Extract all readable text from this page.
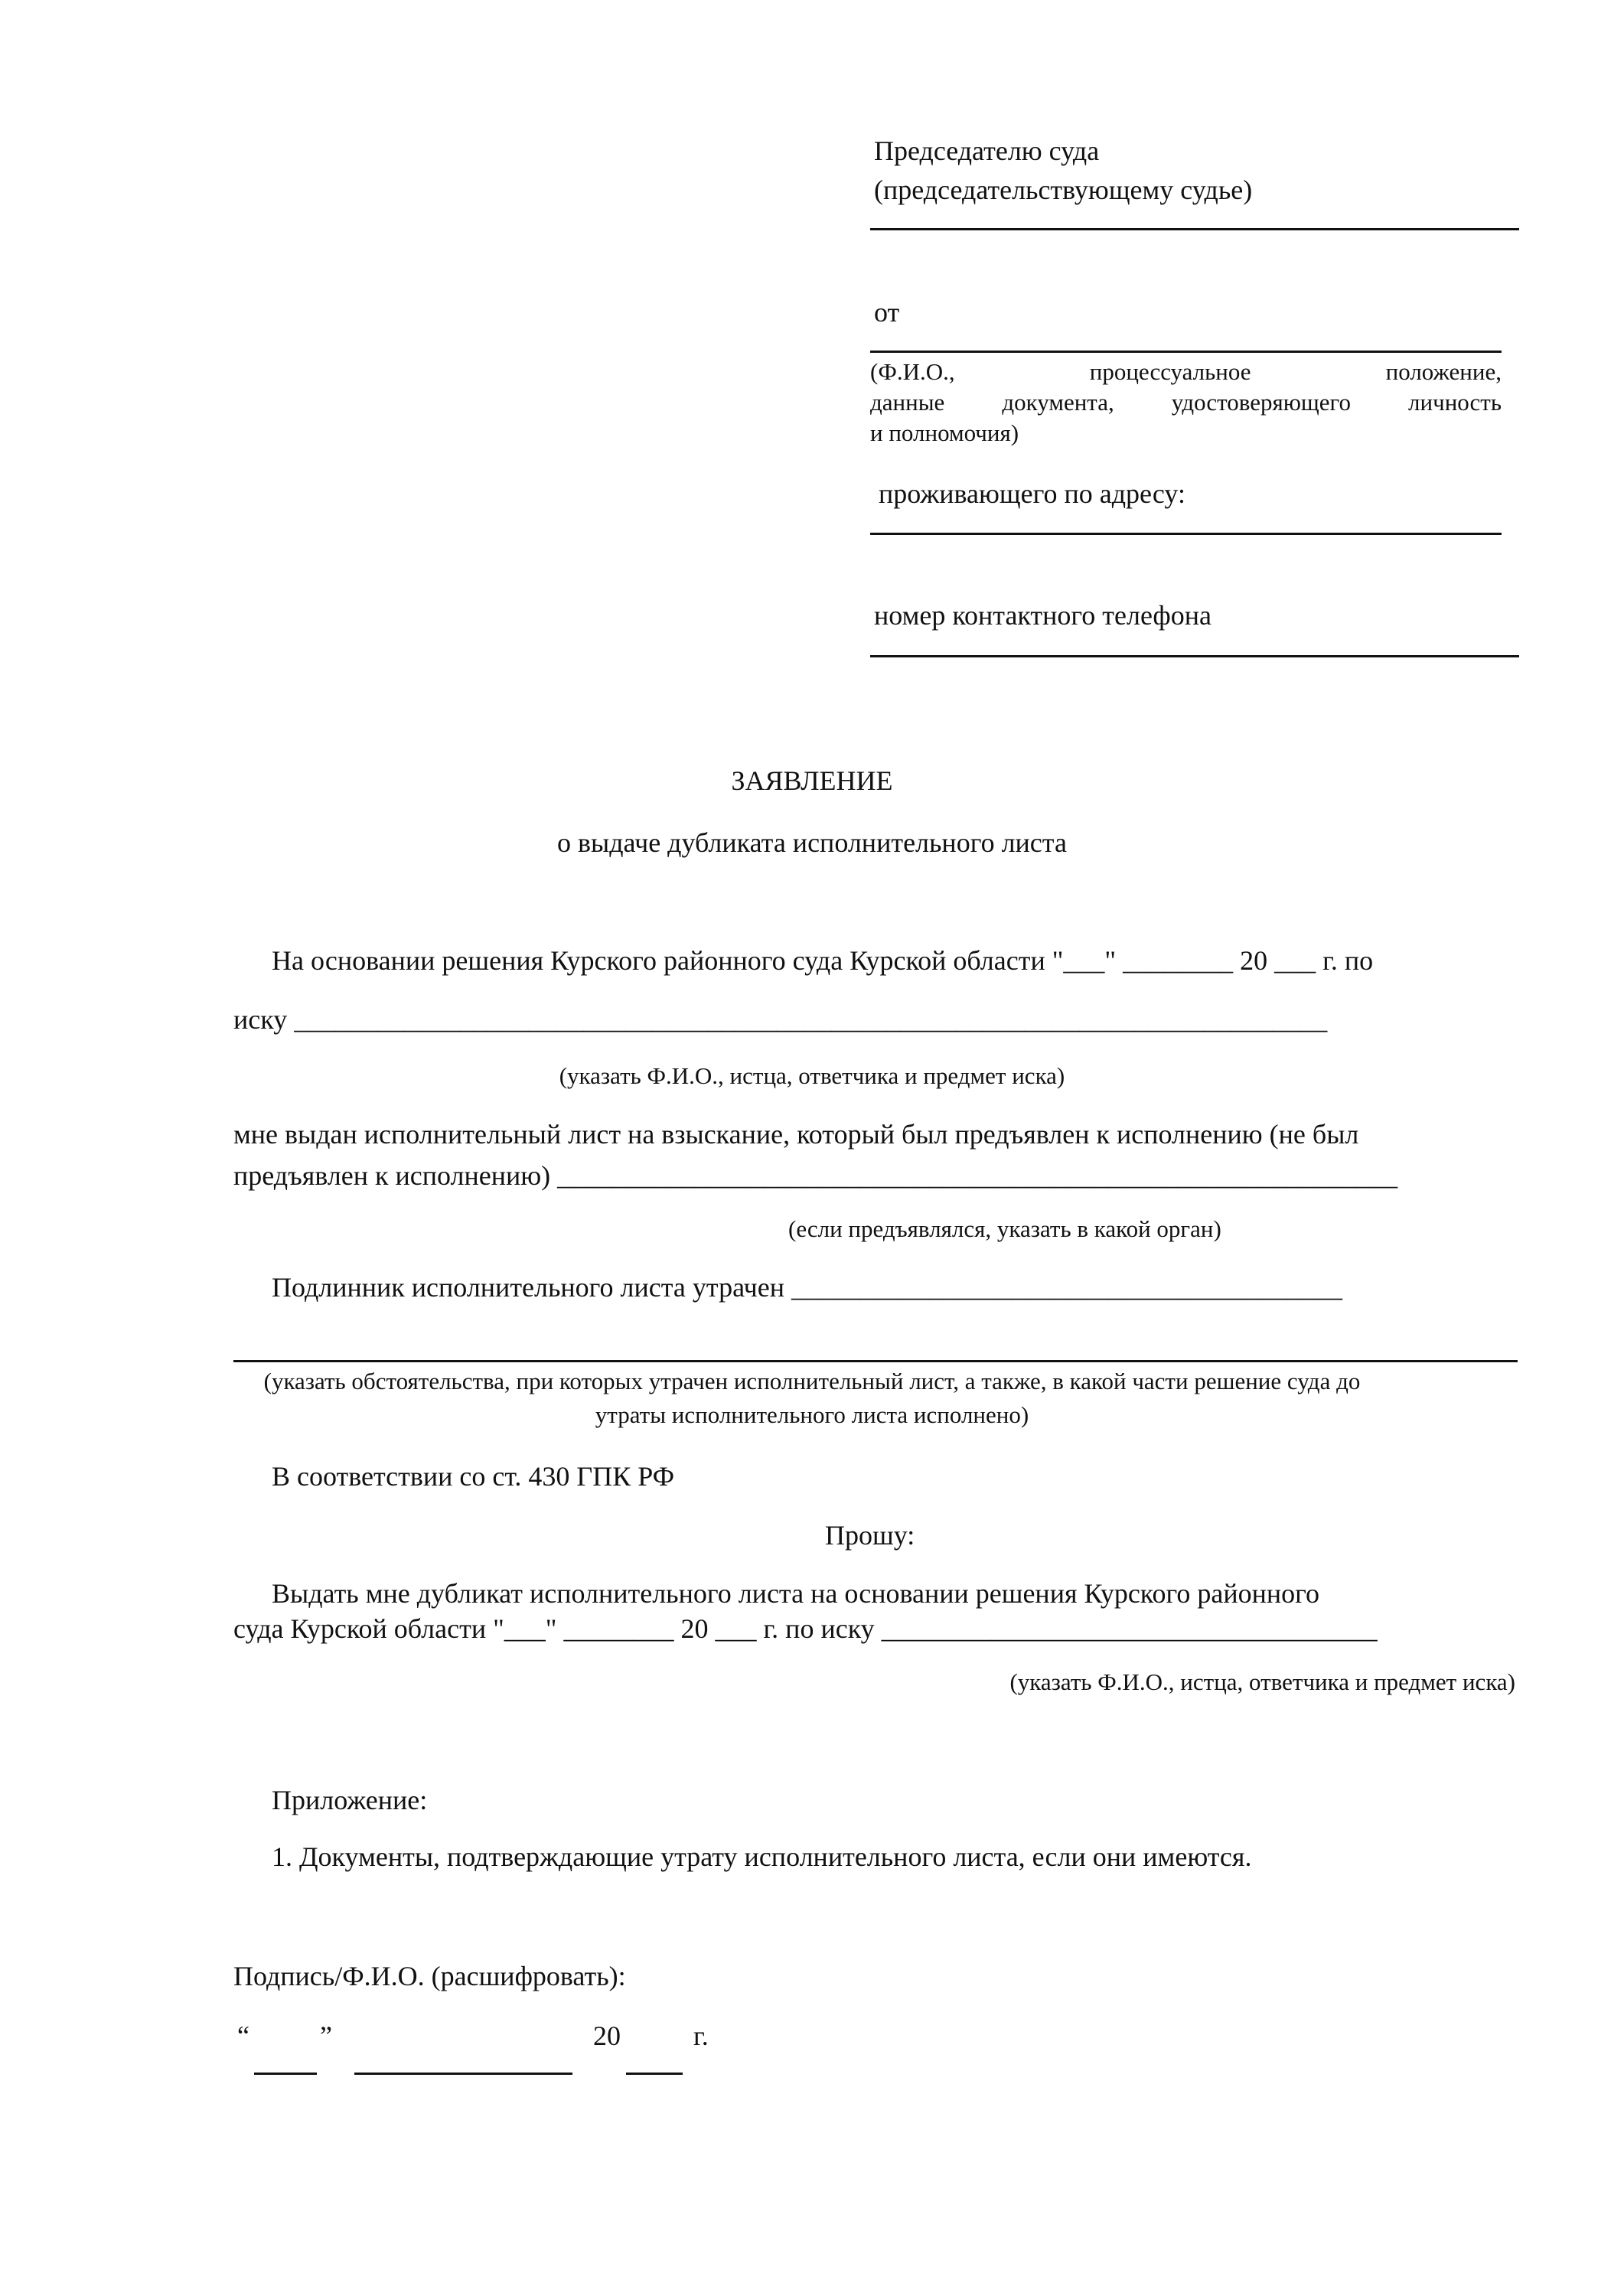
Председателю суда
(председательствующему судье)
от
(Ф.И.О., процессуальное положение,
данные документа, удостоверяющего личность
и полномочия)
проживающего по адресу:
номер контактного телефона
ЗАЯВЛЕНИЕ
о выдаче дубликата исполнительного листа
На основании решения Курского районного суда Курской области "___" ________ 20 ___ г. по
иску ___________________________________________________________________________
(указать Ф.И.О., истца, ответчика и предмет иска)
мне выдан исполнительный лист на взыскание, который был предъявлен к исполнению (не был
предъявлен к исполнению) _____________________________________________________________
(если предъявлялся, указать в какой орган)
Подлинник исполнительного листа утрачен ________________________________________
(указать обстоятельства, при которых утрачен исполнительный лист, а также, в какой части решение суда до
утраты исполнительного листа исполнено)
В соответствии со ст. 430 ГПК РФ
Прошу:
Выдать мне дубликат исполнительного листа на основании решения Курского районного
суда Курской области "___" ________ 20 ___ г. по иску ____________________________________
(указать Ф.И.О., истца, ответчика и предмет иска)
Приложение:
1. Документы, подтверждающие утрату исполнительного листа, если они имеются.
Подпись/Ф.И.О. (расшифровать):
“	”	20	г.
